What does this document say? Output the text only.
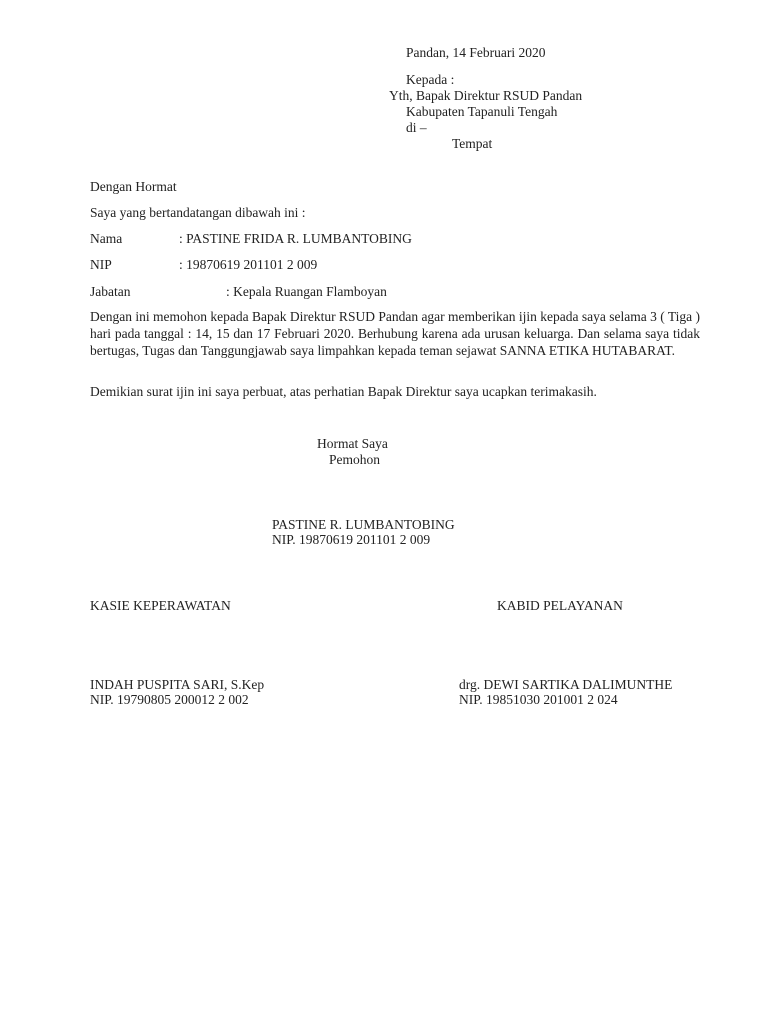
Pandan, 14 Februari 2020
Kepada :
Yth, Bapak Direktur RSUD Pandan
Kabupaten Tapanuli Tengah
di –
Tempat
Dengan Hormat
Saya yang bertandatangan dibawah ini :
Nama	: PASTINE FRIDA R. LUMBANTOBING
NIP	: 19870619 201101 2 009
Jabatan	: Kepala Ruangan Flamboyan
Dengan ini memohon kepada Bapak Direktur RSUD Pandan agar memberikan ijin kepada saya selama 3 ( Tiga ) hari pada tanggal : 14, 15 dan 17 Februari 2020. Berhubung karena ada urusan keluarga. Dan selama saya tidak bertugas, Tugas dan Tanggungjawab saya limpahkan kepada teman sejawat SANNA ETIKA HUTABARAT.
Demikian surat ijin ini saya perbuat, atas perhatian Bapak Direktur saya ucapkan terimakasih.
Hormat Saya
Pemohon
PASTINE R. LUMBANTOBING
NIP. 19870619 201101 2 009
KASIE KEPERAWATAN	KABID PELAYANAN
INDAH PUSPITA SARI, S.Kep
NIP. 19790805 200012 2 002
drg. DEWI SARTIKA DALIMUNTHE
NIP. 19851030 201001 2 024
